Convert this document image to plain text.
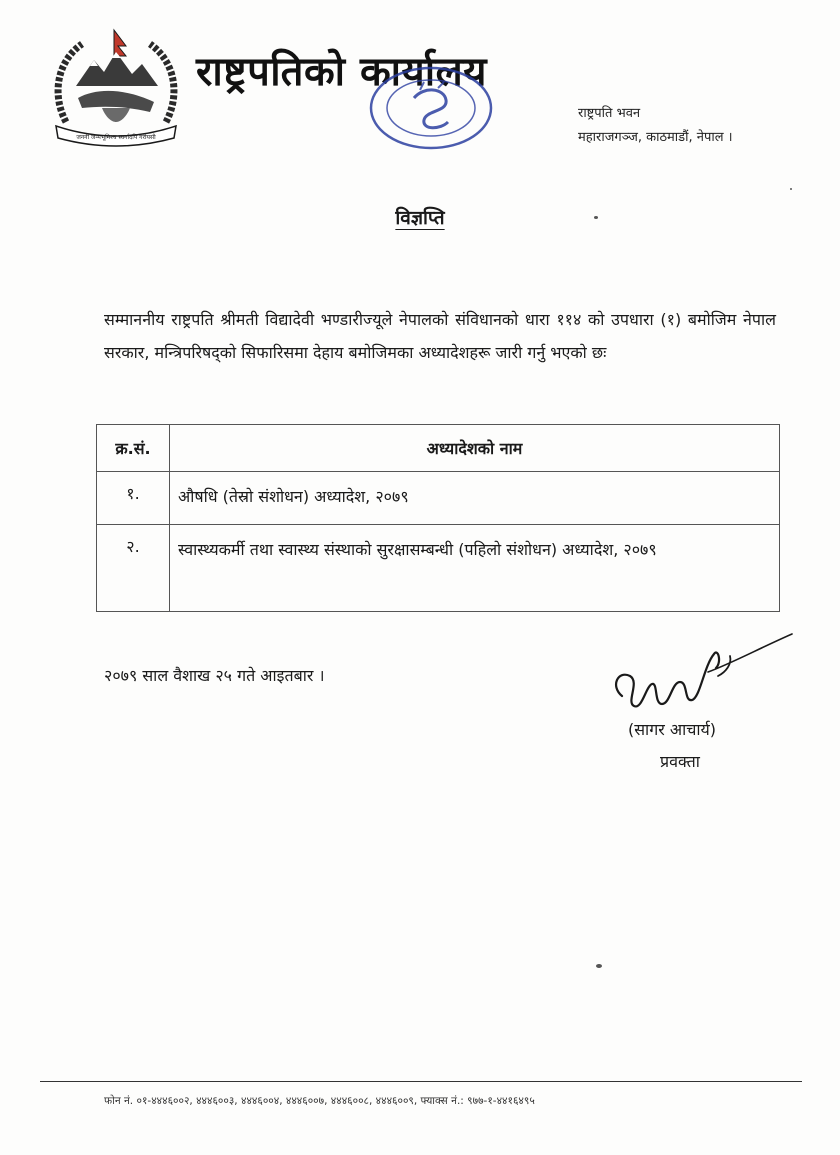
जननी जन्मभूमिश्च स्वर्गादपि गरीयसी
राष्ट्रपतिको कार्यालय
राष्ट्रपति भवन
महाराजगञ्ज, काठमाडौं, नेपाल ।
विज्ञप्ति
सम्माननीय राष्ट्रपति श्रीमती विद्यादेवी भण्डारीज्यूले नेपालको संविधानको धारा ११४ को उपधारा (१) बमोजिम नेपाल सरकार, मन्त्रिपरिषद्को सिफारिसमा देहाय बमोजिमका अध्यादेशहरू जारी गर्नु भएको छः
क्र.सं.	अध्यादेशको नाम
१.	औषधि (तेस्रो संशोधन) अध्यादेश, २०७९
२.	स्वास्थ्यकर्मी तथा स्वास्थ्य संस्थाको सुरक्षासम्बन्धी (पहिलो संशोधन) अध्यादेश, २०७९
२०७९ साल वैशाख २५ गते आइतबार ।
(सागर आचार्य)
प्रवक्ता
फोन नं. ०१-४४४६००२, ४४४६००३, ४४४६००४, ४४४६००७, ४४४६००८, ४४४६००९, फ्याक्स नं.: ९७७-१-४४१६४९५
